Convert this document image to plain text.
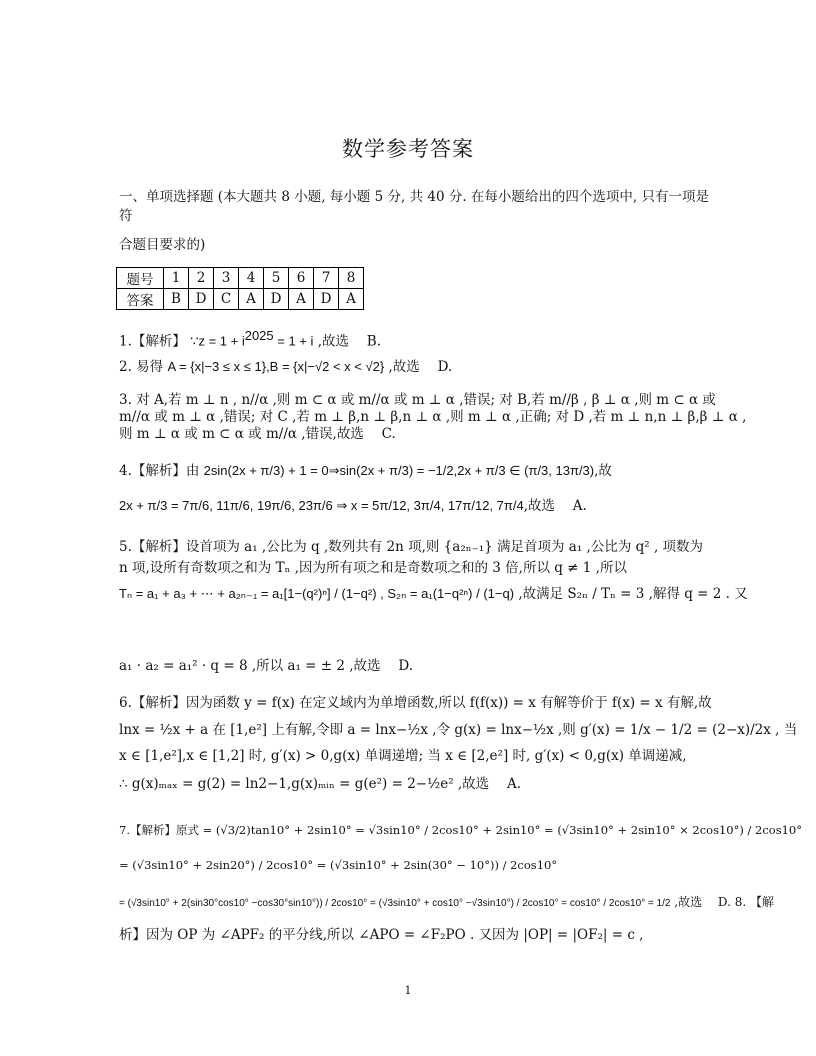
数学参考答案
一、单项选择题 (本大题共 8 小题, 每小题 5 分, 共 40 分. 在每小题给出的四个选项中, 只有一项是符
合题目要求的)
题号	1	2	3	4	5	6	7	8
答案	B	D	C	A	D	A	D	A
1.【解析】 ∵z = $1 + i^{2025} = 1 + i$ ,故选　 B.
2. 易得 A = {x|−3 ≤ x ≤ 1},B = {x|−√2 < x < √2} ,故选　 D.
3. 对 A,若 m ⊥ n , n//α ,则 m ⊂ α 或 m//α 或 m ⊥ α ,错误; 对 B,若 m//β , β ⊥ α ,则 m ⊂ α 或
m//α 或 m ⊥ α ,错误; 对 C ,若 m ⊥ β,n ⊥ β,n ⊥ α ,则 m ⊥ α ,正确; 对 D ,若 m ⊥ n,n ⊥ β,β ⊥ α ,
则 m ⊥ α 或 m ⊂ α 或 m//α ,错误,故选　 C.
4.【解析】由 2sin(2x + π/3) + 1 = 0⇒sin(2x + π/3) = −1/2,2x + π/3 ∈ (π/3, 13π/3),故
2x + π/3 = 7π/6, 11π/6, 19π/6, 23π/6 ⇒ x = 5π/12, 3π/4, 17π/12, 7π/4,故选　 A.
5.【解析】设首项为 a₁ ,公比为 q ,数列共有 2n 项,则 {a₂ₙ₋₁} 满足首项为 a₁ ,公比为 q² , 项数为
n 项,设所有奇数项之和为 Tₙ ,因为所有项之和是奇数项之和的 3 倍,所以 q ≠ 1 ,所以
Tₙ = a₁ + a₃ + ⋯ + a₂ₙ₋₁ = a₁[1−(q²)ⁿ] / (1−q²) , S₂ₙ = a₁(1−q²ⁿ) / (1−q) ,故满足 S₂ₙ / Tₙ = 3 ,解得 q = 2 . 又
a₁ · a₂ = a₁² · q = 8 ,所以 a₁ = ± 2 ,故选　 D.
6.【解析】因为函数 y = f(x) 在定义域内为单增函数,所以 f(f(x)) = x 有解等价于 f(x) = x 有解,故
lnx = ½x + a 在 [1,e²] 上有解,令即 a = lnx−½x ,令 g(x) = lnx−½x ,则 g′(x) = 1/x − 1/2 = (2−x)/2x , 当
x ∈ [1,e²],x ∈ [1,2] 时, g′(x) > 0,g(x) 单调递增; 当 x ∈ [2,e²] 时, g′(x) < 0,g(x) 单调递减,
∴ g(x)ₘₐₓ = g(2) = ln2−1,g(x)ₘᵢₙ = g(e²) = 2−½e² ,故选　 A.
7.【解析】原式 = (√3/2)tan10° + 2sin10° = √3sin10° / 2cos10° + 2sin10° = (√3sin10° + 2sin10° × 2cos10°) / 2cos10°
= (√3sin10° + 2sin20°) / 2cos10° = (√3sin10° + 2sin(30° − 10°)) / 2cos10°
= (√3sin10° + 2(sin30°cos10° −cos30°sin10°)) / 2cos10° = (√3sin10° + cos10° −√3sin10°) / 2cos10° = cos10° / 2cos10° = 1/2 ,故选　 D. 8. 【解
析】因为 OP 为 ∠APF₂ 的平分线,所以 ∠APO = ∠F₂PO . 又因为 |OP| = |OF₂| = c ,
1
